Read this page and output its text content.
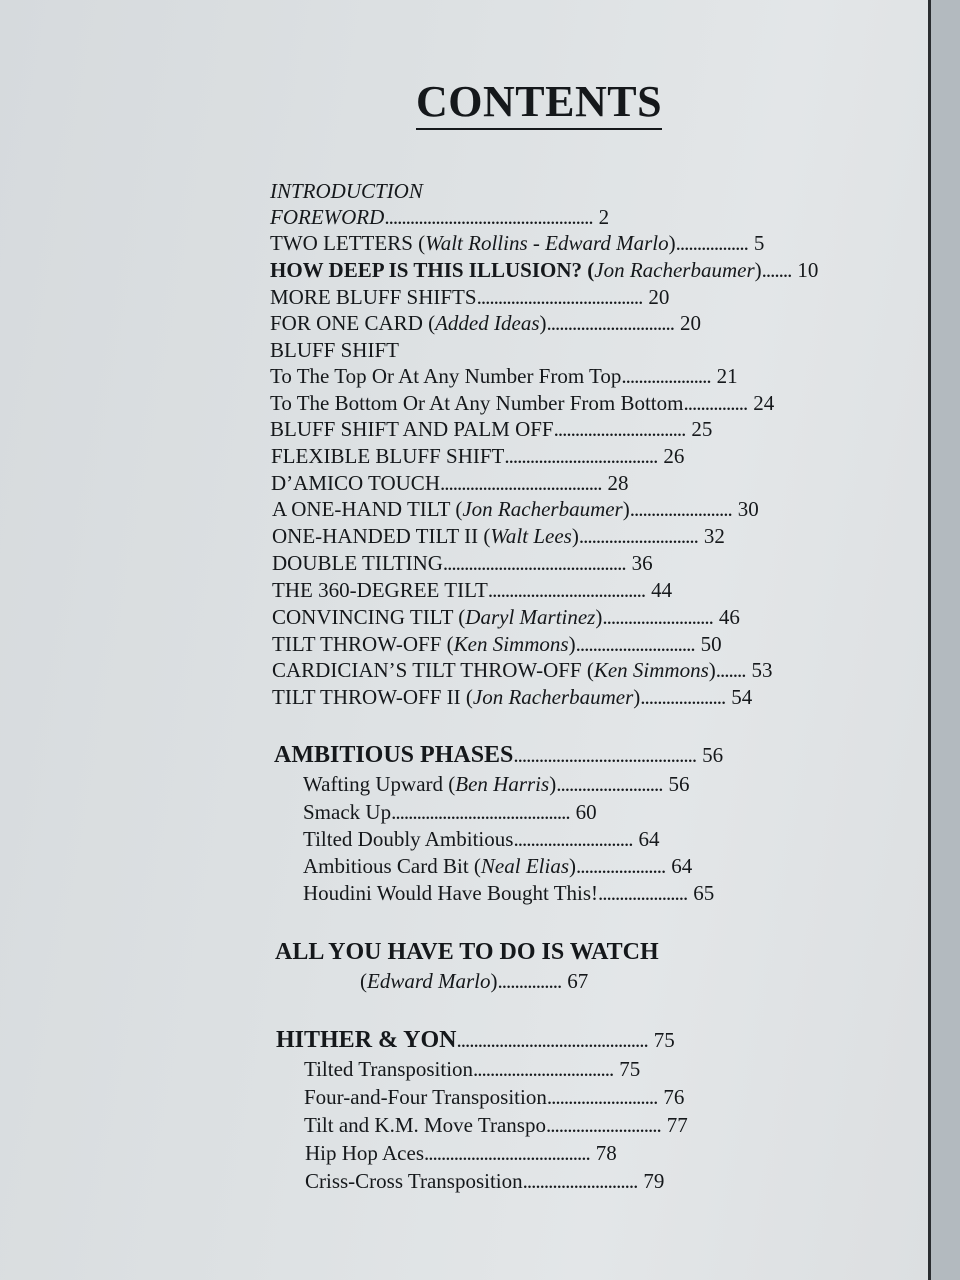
CONTENTS
INTRODUCTION
FOREWORD................................................. 2
TWO LETTERS (Walt Rollins - Edward Marlo)................. 5
HOW DEEP IS THIS ILLUSION? (Jon Racherbaumer)....... 10
MORE BLUFF SHIFTS....................................... 20
FOR ONE CARD (Added Ideas).............................. 20
BLUFF SHIFT
To The Top Or At Any Number From Top..................... 21
To The Bottom Or At Any Number From Bottom............... 24
BLUFF SHIFT AND PALM OFF............................... 25
FLEXIBLE BLUFF SHIFT.................................... 26
D’AMICO TOUCH...................................... 28
A ONE-HAND TILT (Jon Racherbaumer)........................ 30
ONE-HANDED TILT II (Walt Lees)............................ 32
DOUBLE TILTING........................................... 36
THE 360-DEGREE TILT..................................... 44
CONVINCING TILT (Daryl Martinez).......................... 46
TILT THROW-OFF (Ken Simmons)............................ 50
CARDICIAN’S TILT THROW-OFF (Ken Simmons)....... 53
TILT THROW-OFF II (Jon Racherbaumer).................... 54
AMBITIOUS PHASES........................................... 56
Wafting Upward (Ben Harris)......................... 56
Smack Up.......................................... 60
Tilted Doubly Ambitious............................ 64
Ambitious Card Bit (Neal Elias)..................... 64
Houdini Would Have Bought This!..................... 65
ALL YOU HAVE TO DO IS WATCH
(Edward Marlo)............... 67
HITHER & YON............................................. 75
Tilted Transposition................................. 75
Four-and-Four Transposition.......................... 76
Tilt and K.M. Move Transpo........................... 77
Hip Hop Aces....................................... 78
Criss-Cross Transposition........................... 79
